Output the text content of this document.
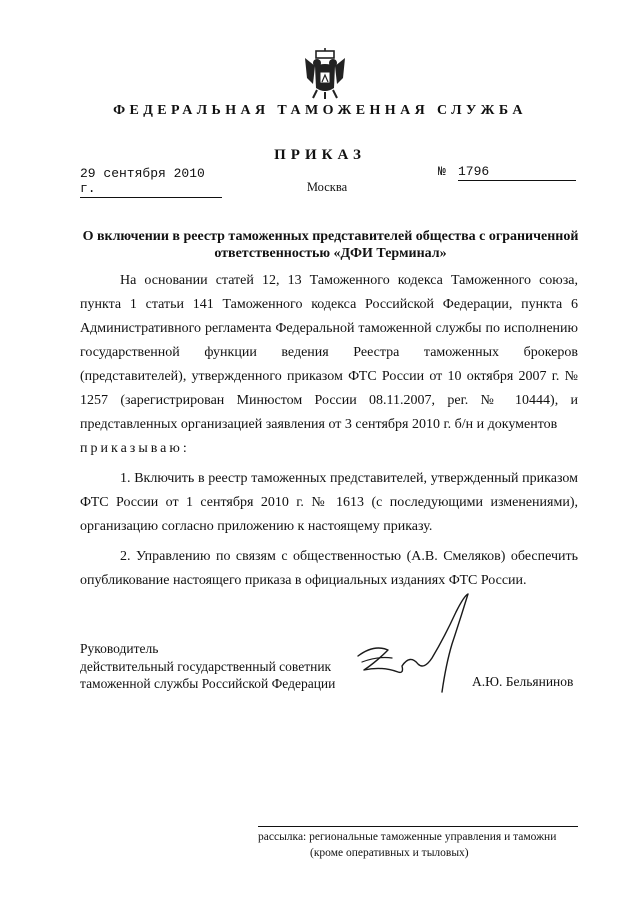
ФЕДЕРАЛЬНАЯ ТАМОЖЕННАЯ СЛУЖБА
ПРИКАЗ
29 сентября 2010 г.
№ 1796
Москва
О включении в реестр таможенных представителей общества с ограниченной
ответственностью «ДФИ Терминал»

На основании статей 12, 13 Таможенного кодекса Таможенного союза, пункта 1 статьи 141 Таможенного кодекса Российской Федерации, пункта 6 Административного регламента Федеральной таможенной службы по исполнению государственной функции ведения Реестра таможенных брокеров (представителей), утвержденного приказом ФТС России от 10 октября 2007 г. № 1257 (зарегистрирован Минюстом России 08.11.2007, рег. № 10444), и представленных организацией заявления от 3 сентября 2010 г. б/н и документов

приказываю:

1. Включить в реестр таможенных представителей, утвержденный приказом ФТС России от 1 сентября 2010 г. № 1613 (с последующими изменениями), организацию согласно приложению к настоящему приказу.

2. Управлению по связям с общественностью (А.В. Смеляков) обеспечить опубликование настоящего приказа в официальных изданиях ФТС России.

Руководитель
действительный государственный советник
таможенной службы Российской Федерации	А.Ю. Бельянинов
рассылка: региональные таможенные управления и таможни
(кроме оперативных и тыловых)
